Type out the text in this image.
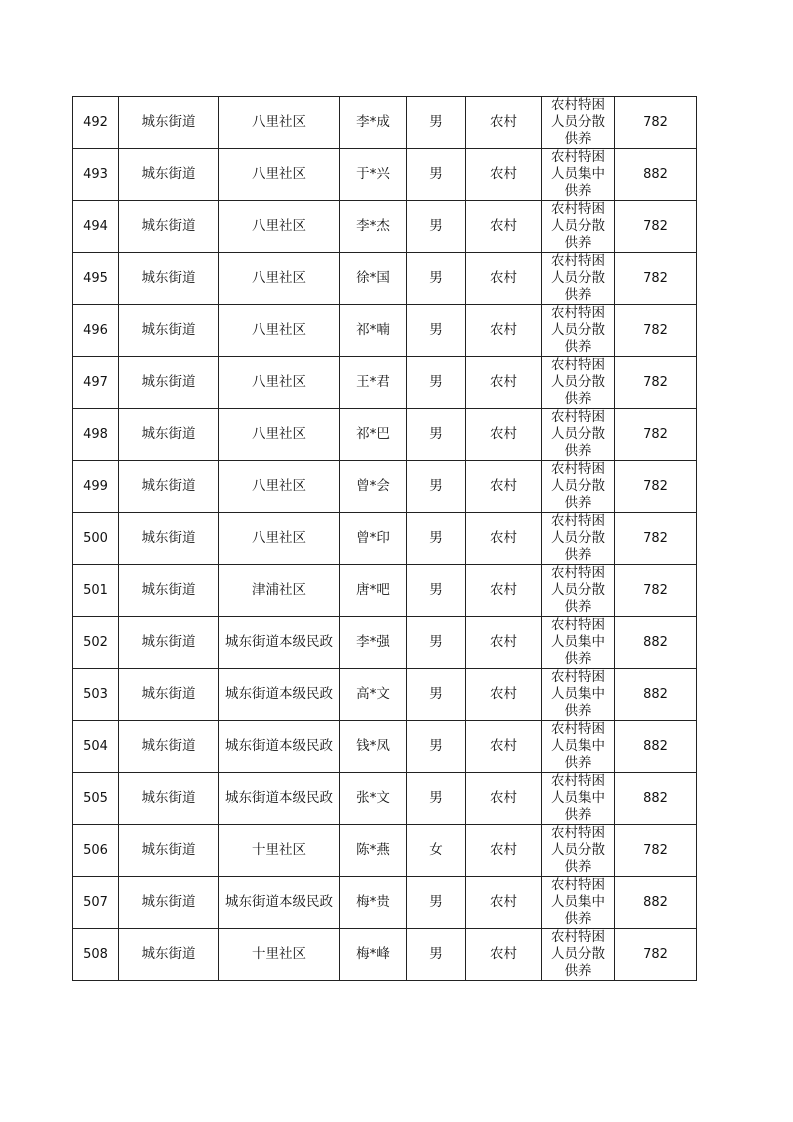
492	城东街道	八里社区	李*成	男	农村	农村特困人员分散供养	782

493	城东街道	八里社区	于*兴	男	农村	农村特困人员集中供养	882

494	城东街道	八里社区	李*杰	男	农村	农村特困人员分散供养	782

495	城东街道	八里社区	徐*国	男	农村	农村特困人员分散供养	782

496	城东街道	八里社区	祁*喃	男	农村	农村特困人员分散供养	782

497	城东街道	八里社区	王*君	男	农村	农村特困人员分散供养	782

498	城东街道	八里社区	祁*巴	男	农村	农村特困人员分散供养	782

499	城东街道	八里社区	曾*会	男	农村	农村特困人员分散供养	782

500	城东街道	八里社区	曾*印	男	农村	农村特困人员分散供养	782

501	城东街道	津浦社区	唐*吧	男	农村	农村特困人员分散供养	782

502	城东街道	城东街道本级民政	李*强	男	农村	农村特困人员集中供养	882

503	城东街道	城东街道本级民政	高*文	男	农村	农村特困人员集中供养	882

504	城东街道	城东街道本级民政	钱*凤	男	农村	农村特困人员集中供养	882

505	城东街道	城东街道本级民政	张*文	男	农村	农村特困人员集中供养	882

506	城东街道	十里社区	陈*燕	女	农村	农村特困人员分散供养	782

507	城东街道	城东街道本级民政	梅*贵	男	农村	农村特困人员集中供养	882

508	城东街道	十里社区	梅*峰	男	农村	农村特困人员分散供养	782
